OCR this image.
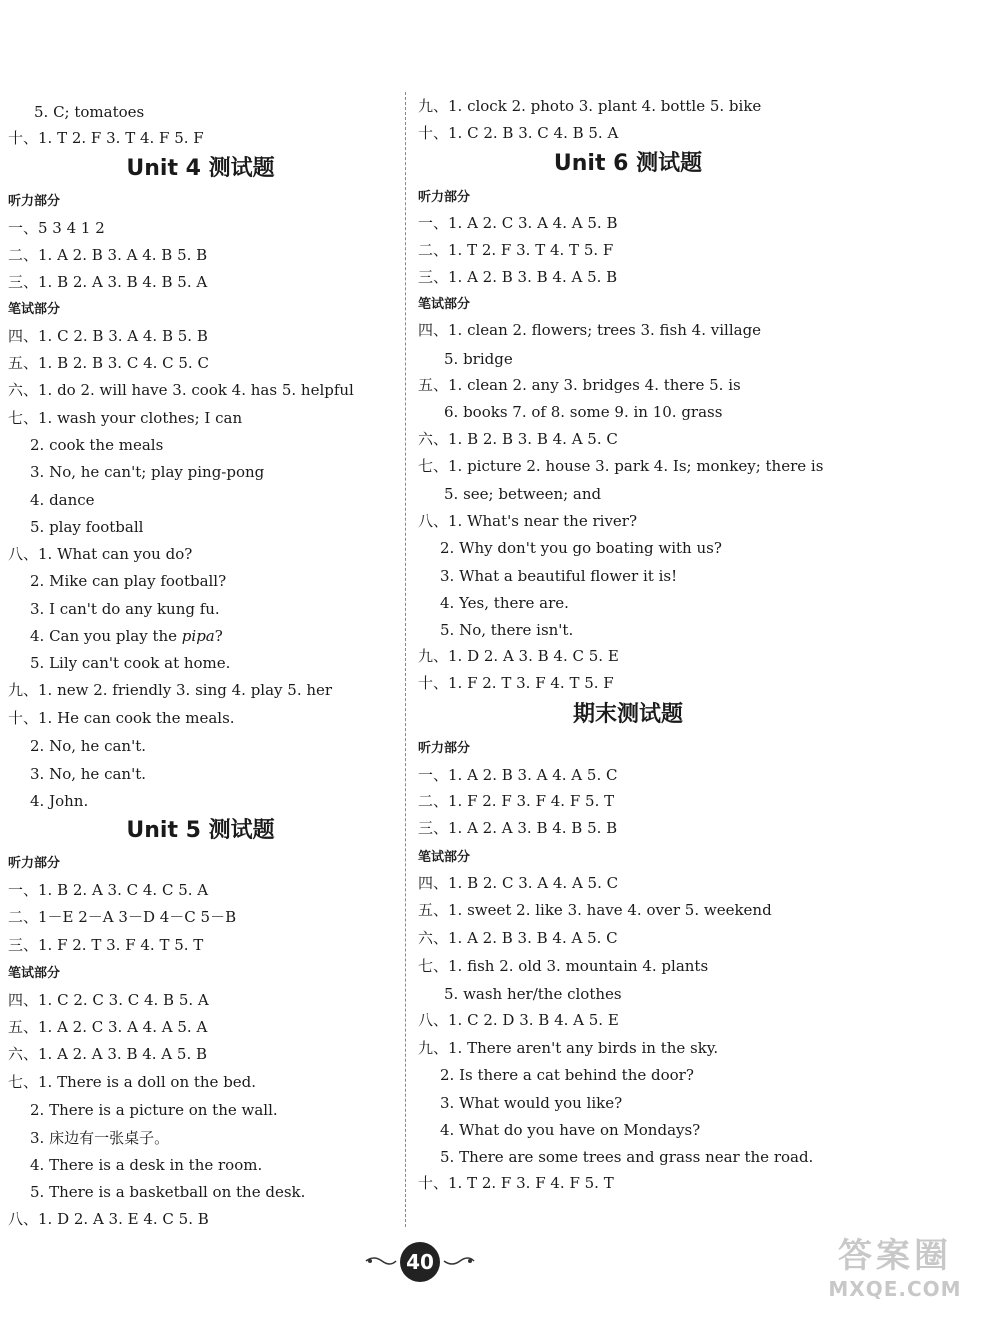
5. C; tomatoes
十、1. T 2. F 3. T 4. F 5. F
Unit 4 测试题
听力部分
一、5 3 4 1 2
二、1. A 2. B 3. A 4. B 5. B
三、1. B 2. A 3. B 4. B 5. A
笔试部分
四、1. C 2. B 3. A 4. B 5. B
五、1. B 2. B 3. C 4. C 5. C
六、1. do 2. will have 3. cook 4. has 5. helpful
七、1. wash your clothes; I can
2. cook the meals
3. No, he can't; play ping-pong
4. dance
5. play football
八、1. What can you do?
2. Mike can play football?
3. I can't do any kung fu.
4. Can you play the pipa?
5. Lily can't cook at home.
九、1. new 2. friendly 3. sing 4. play 5. her
十、1. He can cook the meals.
2. No, he can't.
3. No, he can't.
4. John.
Unit 5 测试题
听力部分
一、1. B 2. A 3. C 4. C 5. A
二、1－E 2－A 3－D 4－C 5－B
三、1. F 2. T 3. F 4. T 5. T
笔试部分
四、1. C 2. C 3. C 4. B 5. A
五、1. A 2. C 3. A 4. A 5. A
六、1. A 2. A 3. B 4. A 5. B
七、1. There is a doll on the bed.
2. There is a picture on the wall.
3. 床边有一张桌子。
4. There is a desk in the room.
5. There is a basketball on the desk.
八、1. D 2. A 3. E 4. C 5. B
九、1. clock 2. photo 3. plant 4. bottle 5. bike
十、1. C 2. B 3. C 4. B 5. A
Unit 6 测试题
听力部分
一、1. A 2. C 3. A 4. A 5. B
二、1. T 2. F 3. T 4. T 5. F
三、1. A 2. B 3. B 4. A 5. B
笔试部分
四、1. clean 2. flowers; trees 3. fish 4. village
5. bridge
五、1. clean 2. any 3. bridges 4. there 5. is
6. books 7. of 8. some 9. in 10. grass
六、1. B 2. B 3. B 4. A 5. C
七、1. picture 2. house 3. park 4. Is; monkey; there is
5. see; between; and
八、1. What's near the river?
2. Why don't you go boating with us?
3. What a beautiful flower it is!
4. Yes, there are.
5. No, there isn't.
九、1. D 2. A 3. B 4. C 5. E
十、1. F 2. T 3. F 4. T 5. F
期末测试题
听力部分
一、1. A 2. B 3. A 4. A 5. C
二、1. F 2. F 3. F 4. F 5. T
三、1. A 2. A 3. B 4. B 5. B
笔试部分
四、1. B 2. C 3. A 4. A 5. C
五、1. sweet 2. like 3. have 4. over 5. weekend
六、1. A 2. B 3. B 4. A 5. C
七、1. fish 2. old 3. mountain 4. plants
5. wash her/the clothes
八、1. C 2. D 3. B 4. A 5. E
九、1. There aren't any birds in the sky.
2. Is there a cat behind the door?
3. What would you like?
4. What do you have on Mondays?
5. There are some trees and grass near the road.
十、1. T 2. F 3. F 4. F 5. T
40	答案圈
MXQE.COM
